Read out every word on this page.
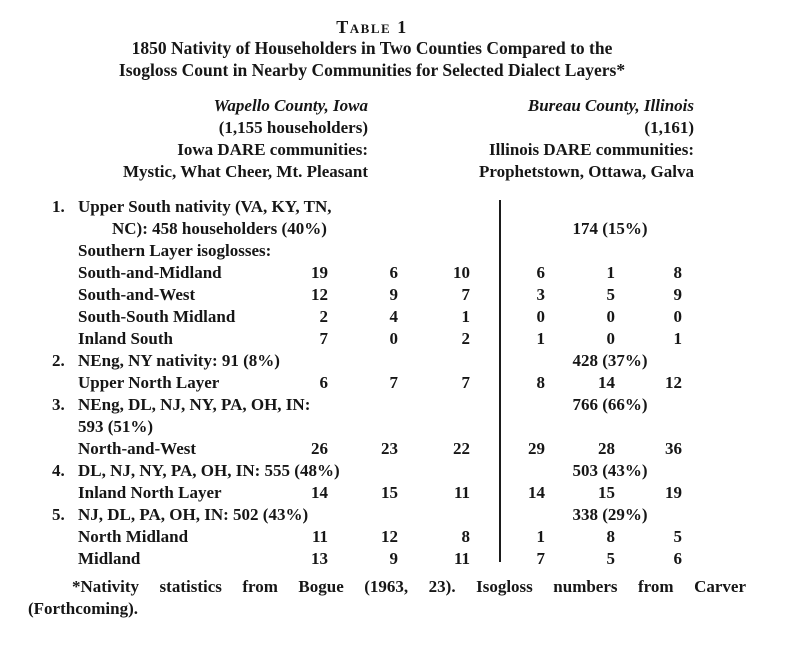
Table 1
1850 Nativity of Householders in Two Counties Compared to the
Isogloss Count in Nearby Communities for Selected Dialect Layers*
Wapello County, Iowa
(1,155 householders)
Iowa DARE communities:
Mystic, What Cheer, Mt. Pleasant
Bureau County, Illinois
(1,161)
Illinois DARE communities:
Prophetstown, Ottawa, Galva
1. Upper South nativity (VA, KY, TN,
NC): 458 householders (40%)	174 (15%)
Southern Layer isoglosses:
South-and-Midland	19	6	10	6	1	8
South-and-West	12	9	7	3	5	9
South-South Midland	2	4	1	0	0	0
Inland South	7	0	2	1	0	1
2. NEng, NY nativity: 91 (8%)	428 (37%)
Upper North Layer	6	7	7	8	14	12
3. NEng, DL, NJ, NY, PA, OH, IN:	766 (66%)
593 (51%)
North-and-West	26	23	22	29	28	36
4. DL, NJ, NY, PA, OH, IN: 555 (48%)	503 (43%)
Inland North Layer	14	15	11	14	15	19
5. NJ, DL, PA, OH, IN: 502 (43%)	338 (29%)
North Midland	11	12	8	1	8	5
Midland	13	9	11	7	5	6
*Nativity statistics from Bogue (1963, 23). Isogloss numbers from Carver
(Forthcoming).
